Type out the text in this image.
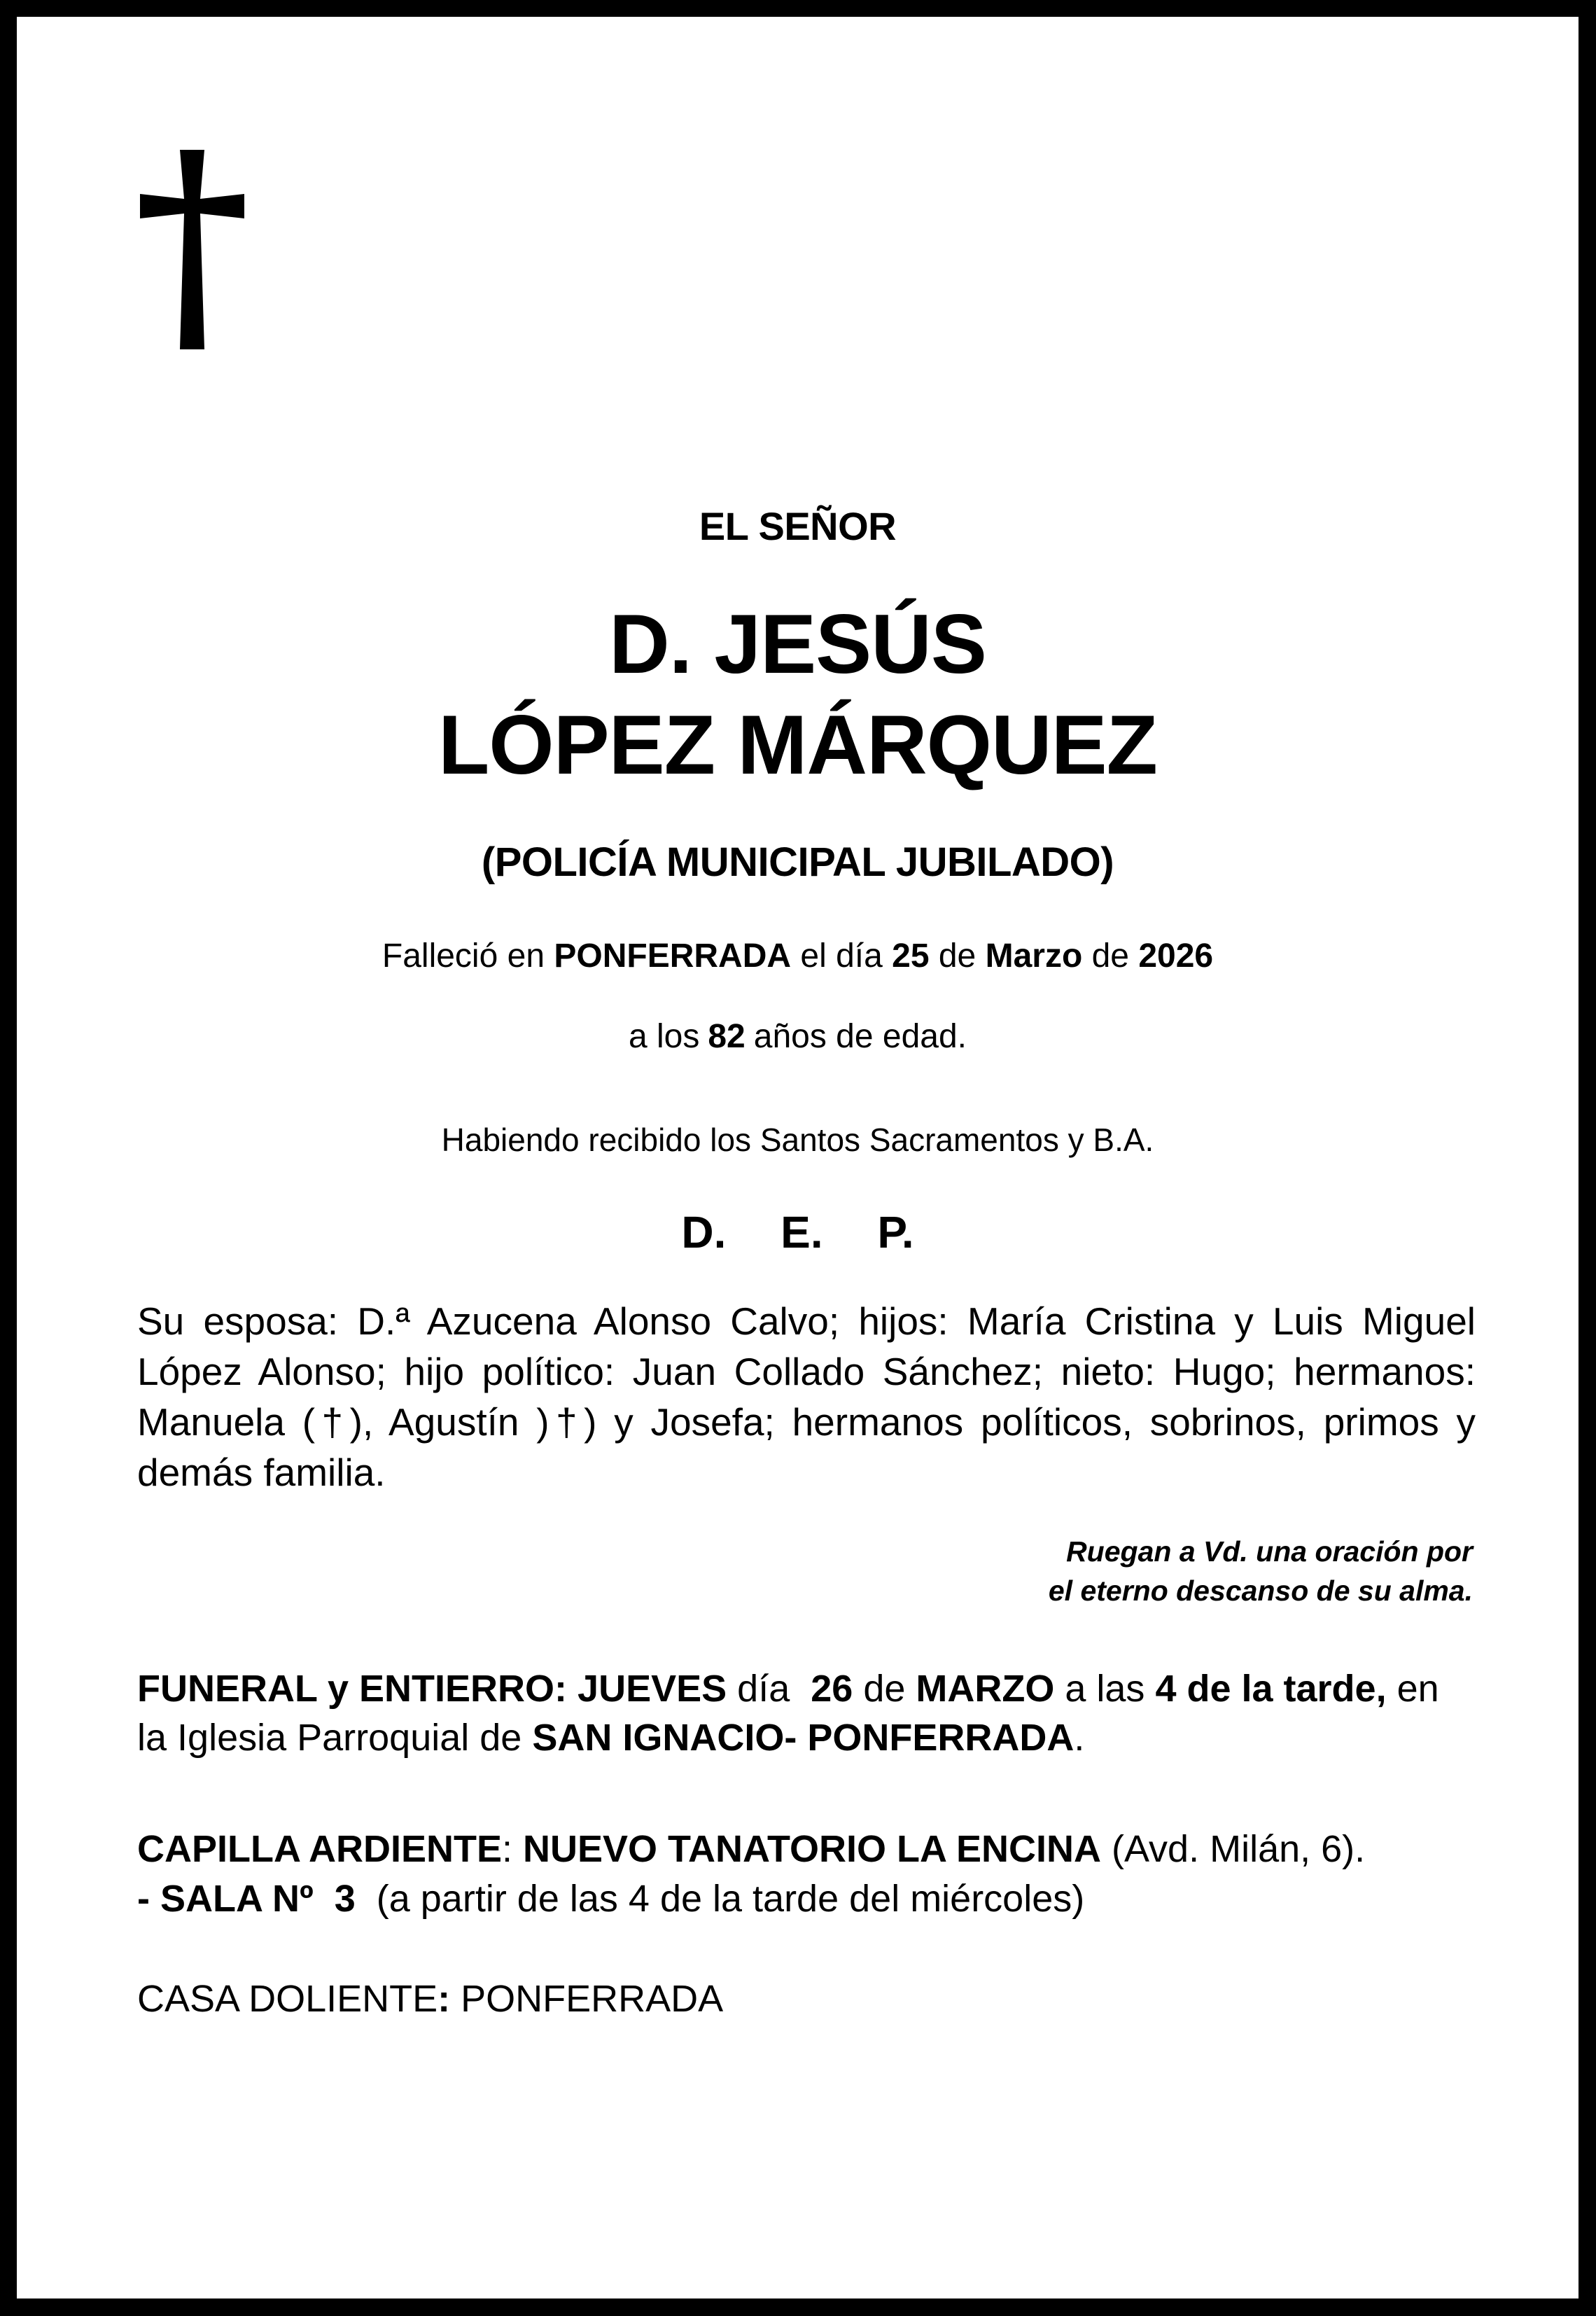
EL SEÑOR
D. JESÚS
LÓPEZ MÁRQUEZ
(POLICÍA MUNICIPAL JUBILADO)
Falleció en PONFERRADA el día 25 de Marzo de 2026
a los 82 años de edad.
Habiendo recibido los Santos Sacramentos y B.A.
D. E. P.
Su esposa: D.ª Azucena Alonso Calvo; hijos: María Cristina y Luis Miguel López Alonso; hijo político: Juan Collado Sánchez; nieto: Hugo; hermanos: Manuela (†), Agustín )†) y Josefa; hermanos políticos, sobrinos, primos y demás familia.
Ruegan a Vd. una oración por
el eterno descanso de su alma.
FUNERAL y ENTIERRO: JUEVES día  26 de MARZO a las 4 de la tarde, en
la Iglesia Parroquial de SAN IGNACIO- PONFERRADA.
CAPILLA ARDIENTE: NUEVO TANATORIO LA ENCINA (Avd. Milán, 6).
- SALA Nº  3  (a partir de las 4 de la tarde del miércoles)
CASA DOLIENTE: PONFERRADA
